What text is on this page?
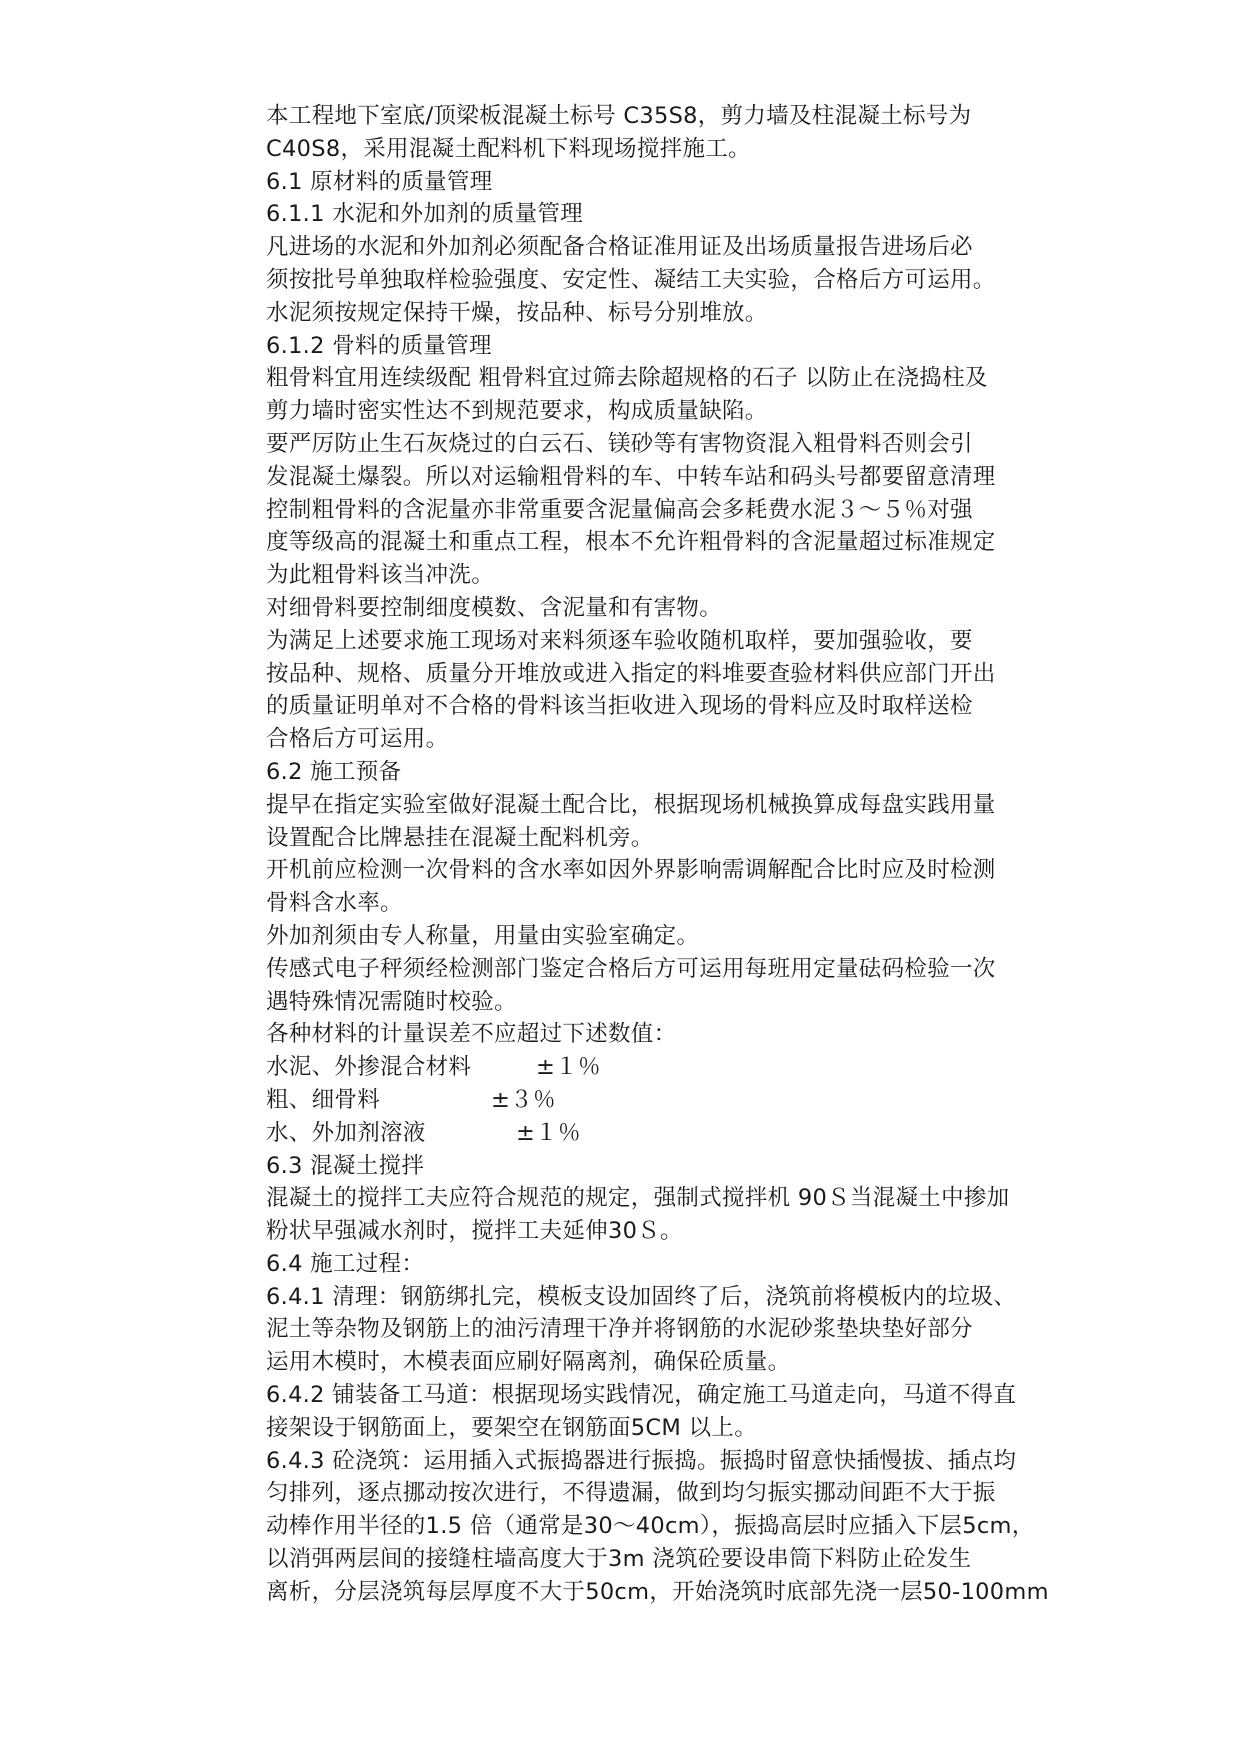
本工程地下室底/顶梁板混凝土标号 C35S8，剪力墙及柱混凝土标号为
C40S8，采用混凝土配料机下料现场搅拌施工。
6.1 原材料的质量管理
6.1.1 水泥和外加剂的质量管理
凡进场的水泥和外加剂必须配备合格证准用证及出场质量报告进场后必
须按批号单独取样检验强度、安定性、凝结工夫实验，合格后方可运用。
水泥须按规定保持干燥，按品种、标号分别堆放。
6.1.2 骨料的质量管理
粗骨料宜用连续级配 粗骨料宜过筛去除超规格的石子 以防止在浇捣柱及
剪力墙时密实性达不到规范要求，构成质量缺陷。
要严厉防止生石灰烧过的白云石、镁砂等有害物资混入粗骨料否则会引
发混凝土爆裂。所以对运输粗骨料的车、中转车站和码头号都要留意清理
控制粗骨料的含泥量亦非常重要含泥量偏高会多耗费水泥３～５％对强
度等级高的混凝土和重点工程，根本不允许粗骨料的含泥量超过标准规定
为此粗骨料该当冲洗。
对细骨料要控制细度模数、含泥量和有害物。
为满足上述要求施工现场对来料须逐车验收随机取样，要加强验收，要
按品种、规格、质量分开堆放或进入指定的料堆要查验材料供应部门开出
的质量证明单对不合格的骨料该当拒收进入现场的骨料应及时取样送检
合格后方可运用。
6.2 施工预备
提早在指定实验室做好混凝土配合比，根据现场机械换算成每盘实践用量
设置配合比牌悬挂在混凝土配料机旁。
开机前应检测一次骨料的含水率如因外界影响需调解配合比时应及时检测
骨料含水率。
外加剂须由专人称量，用量由实验室确定。
传感式电子秤须经检测部门鉴定合格后方可运用每班用定量砝码检验一次
遇特殊情况需随时校验。
各种材料的计量误差不应超过下述数值：
水泥、外掺混合材料	±１％
粗、细骨料	±３％
水、外加剂溶液	±１％
6.3 混凝土搅拌
混凝土的搅拌工夫应符合规范的规定，强制式搅拌机 90Ｓ当混凝土中掺加
粉状早强减水剂时，搅拌工夫延伸30Ｓ。
6.4 施工过程：
6.4.1 清理：钢筋绑扎完，模板支设加固终了后，浇筑前将模板内的垃圾、
泥土等杂物及钢筋上的油污清理干净并将钢筋的水泥砂浆垫块垫好部分
运用木模时，木模表面应刷好隔离剂，确保砼质量。
6.4.2 铺装备工马道：根据现场实践情况，确定施工马道走向，马道不得直
接架设于钢筋面上，要架空在钢筋面5CM 以上。
6.4.3 砼浇筑：运用插入式振捣器进行振捣。振捣时留意快插慢拔、插点均
匀排列，逐点挪动按次进行，不得遗漏，做到均匀振实挪动间距不大于振
动棒作用半径的1.5 倍（通常是30～40cm），振捣高层时应插入下层5cm，
以消弭两层间的接缝柱墙高度大于3m 浇筑砼要设串筒下料防止砼发生
离析，分层浇筑每层厚度不大于50cm，开始浇筑时底部先浇一层50-100mm
